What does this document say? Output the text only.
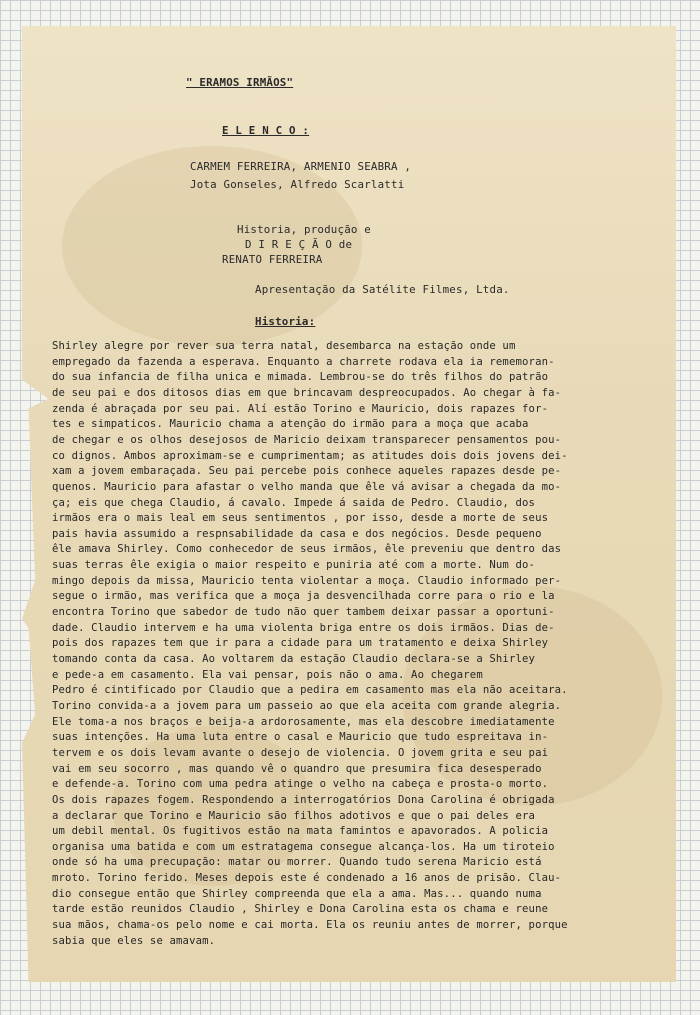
" ERAMOS IRMÃOS"
E L E N C O :
CARMEM FERREIRA, ARMENIO SEABRA ,
Jota Gonseles, Alfredo Scarlatti
Historia, produção e
D I R E Ç Ã O de
RENATO FERREIRA
Apresentação da Satélite Filmes, Ltda.
Historia:
Shirley alegre por rever sua terra natal, desembarca na estação onde um
empregado da fazenda a esperava. Enquanto a charrete rodava ela ia rememoran-
do sua infancia de filha unica e mimada. Lembrou-se do três filhos do patrão
de seu pai e dos ditosos dias em que brincavam despreocupados. Ao chegar à fa-
zenda é abraçada por seu pai. Alí estão Torino e Mauricio, dois rapazes for-
tes e simpaticos. Mauricio chama a atenção do irmão para a moça que acaba
de chegar e os olhos desejosos de Maricio deixam transparecer pensamentos pou-
co dignos. Ambos aproximam-se e cumprimentam; as atitudes dois dois jovens dei-
xam a jovem embaraçada. Seu pai percebe pois conhece aqueles rapazes desde pe-
quenos. Mauricio para afastar o velho manda que êle vá avisar a chegada da mo-
ça; eis que chega Claudio, á cavalo. Impede á saida de Pedro. Claudio, dos
irmãos era o mais leal em seus sentimentos , por isso, desde a morte de seus
pais havia assumido a respnsabilidade da casa e dos negócios. Desde pequeno
êle amava Shirley. Como conhecedor de seus irmãos, êle preveniu que dentro das
suas terras êle exigia o maior respeito e puniria até com a morte. Num do-
mingo depois da missa, Mauricio tenta violentar a moça. Claudio informado per-
segue o irmão, mas verifica que a moça ja desvencilhada corre para o rio e la
encontra Torino que sabedor de tudo não quer tambem deixar passar a oportuni-
dade. Claudio intervem e ha uma violenta briga entre os dois irmãos. Dias de-
pois dos rapazes tem que ir para a cidade para um tratamento e deixa Shirley
tomando conta da casa. Ao voltarem da estação Claudio declara-se a Shirley
e pede-a em casamento. Ela vai pensar, pois não o ama. Ao chegarem
Pedro é cintificado por Claudio que a pedira em casamento mas ela não aceitara.
Torino convida-a a jovem para um passeio ao que ela aceita com grande alegria.
Ele toma-a nos braços e beija-a ardorosamente, mas ela descobre imediatamente
suas intenções. Ha uma luta entre o casal e Mauricio que tudo espreitava in-
tervem e os dois levam avante o desejo de violencia. O jovem grita e seu pai
vai em seu socorro , mas quando vê o quandro que presumira fica desesperado
e defende-a. Torino com uma pedra atinge o velho na cabeça e prosta-o morto.
Os dois rapazes fogem. Respondendo a interrogatórios Dona Carolina é obrigada
a declarar que Torino e Mauricio são filhos adotivos e que o pai deles era
um debil mental. Os fugitivos estão na mata famintos e apavorados. A policia
organisa uma batida e com um estratagema consegue alcança-los. Ha um tiroteio
onde só ha uma precupação: matar ou morrer. Quando tudo serena Maricio está
mroto. Torino ferido. Meses depois este é condenado a 16 anos de prisão. Clau-
dio consegue então que Shirley compreenda que ela a ama. Mas... quando numa
tarde estão reunidos Claudio , Shirley e Dona Carolina esta os chama e reune
sua mãos, chama-os pelo nome e cai morta. Ela os reuniu antes de morrer, porque
sabia que eles se amavam.
